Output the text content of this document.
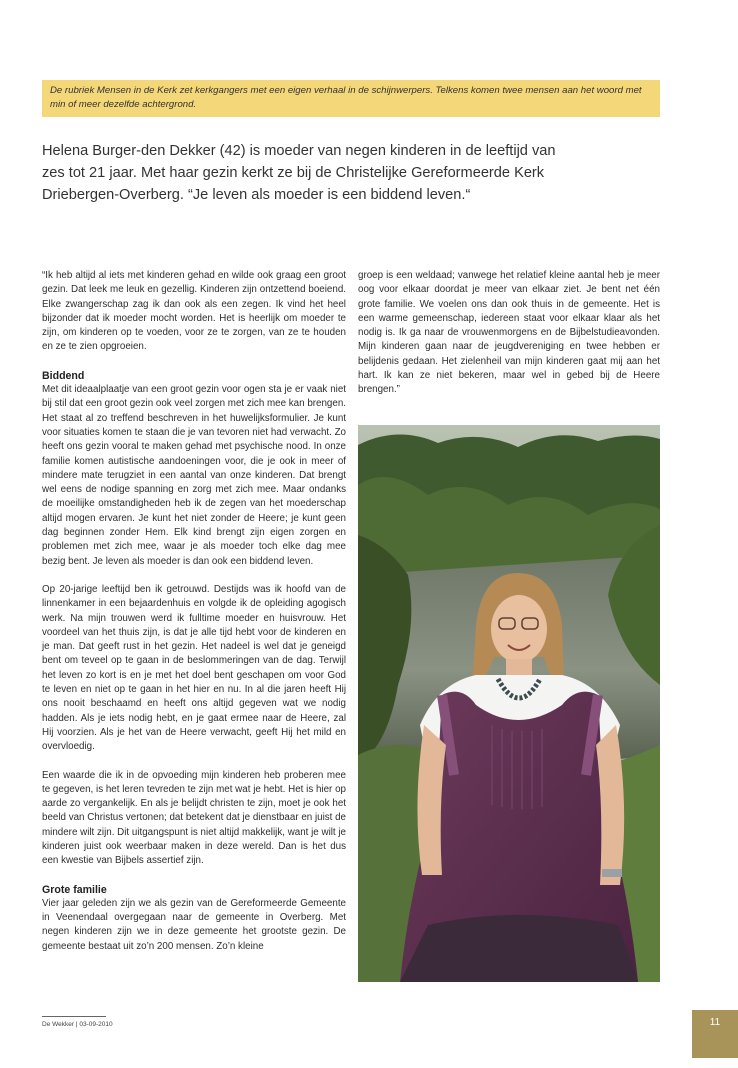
De rubriek Mensen in de Kerk zet kerkgangers met een eigen verhaal in de schijnwerpers. Telkens komen twee mensen aan het woord met min of meer dezelfde achtergrond.
Helena Burger-den Dekker (42) is moeder van negen kinderen in de leeftijd van zes tot 21 jaar. Met haar gezin kerkt ze bij de Christelijke Gereformeerde Kerk Driebergen-Overberg. “Je leven als moeder is een biddend leven.“

“Ik heb altijd al iets met kinderen gehad en wilde ook graag een groot gezin. Dat leek me leuk en gezellig. Kinderen zijn ontzettend boeiend. Elke zwangerschap zag ik dan ook als een zegen. Ik vind het heel bijzonder dat ik moeder mocht worden. Het is heerlijk om moeder te zijn, om kinderen op te voeden, voor ze te zorgen, van ze te houden en ze te zien opgroeien.

Biddend

Met dit ideaalplaatje van een groot gezin voor ogen sta je er vaak niet bij stil dat een groot gezin ook veel zorgen met zich mee kan brengen. Het staat al zo treffend beschreven in het huwelijksformulier. Je kunt voor situaties komen te staan die je van tevoren niet had verwacht. Zo heeft ons gezin vooral te maken gehad met psychische nood. In onze familie komen autistische aandoeningen voor, die je ook in meer of mindere mate terugziet in een aantal van onze kinderen. Dat brengt wel eens de nodige spanning en zorg met zich mee. Maar ondanks de moeilijke omstandigheden heb ik de zegen van het moederschap altijd mogen ervaren. Je kunt het niet zonder de Heere; je kunt geen dag beginnen zonder Hem. Elk kind brengt zijn eigen zorgen en problemen met zich mee, waar je als moeder toch elke dag mee bezig bent. Je leven als moeder is dan ook een biddend leven.

Op 20-jarige leeftijd ben ik getrouwd. Destijds was ik hoofd van de linnenkamer in een bejaardenhuis en volgde ik de opleiding agogisch werk. Na mijn trouwen werd ik fulltime moeder en huisvrouw. Het voordeel van het thuis zijn, is dat je alle tijd hebt voor de kinderen en je man. Dat geeft rust in het gezin. Het nadeel is wel dat je geneigd bent om teveel op te gaan in de beslommeringen van de dag. Terwijl het leven zo kort is en je met het doel bent geschapen om voor God te leven en niet op te gaan in het hier en nu. In al die jaren heeft Hij ons nooit beschaamd en heeft ons altijd gegeven wat we nodig hadden. Als je iets nodig hebt, en je gaat ermee naar de Heere, zal Hij voorzien. Als je het van de Heere verwacht, geeft Hij het mild en overvloedig.

Een waarde die ik in de opvoeding mijn kinderen heb proberen mee te gegeven, is het leren tevreden te zijn met wat je hebt. Het is hier op aarde zo vergankelijk. En als je belijdt christen te zijn, moet je ook het beeld van Christus vertonen; dat betekent dat je dienstbaar en juist de mindere wilt zijn. Dit uitgangspunt is niet altijd makkelijk, want je wilt je kinderen juist ook weerbaar maken in deze wereld. Dan is het dus een kwestie van Bijbels assertief zijn.

Grote familie

Vier jaar geleden zijn we als gezin van de Gereformeerde Gemeente in Veenendaal overgegaan naar de gemeente in Overberg. Met negen kinderen zijn we in deze gemeente het grootste gezin. De gemeente bestaat uit zo’n 200 mensen. Zo’n kleine

groep is een weldaad; vanwege het relatief kleine aantal heb je meer oog voor elkaar doordat je meer van elkaar ziet. Je bent net één grote familie. We voelen ons dan ook thuis in de gemeente. Het is een warme gemeenschap, iedereen staat voor elkaar klaar als het nodig is. Ik ga naar de vrouwenmorgens en de Bijbelstudieavonden. Mijn kinderen gaan naar de jeugdvereniging en twee hebben er belijdenis gedaan. Het zielenheil van mijn kinderen gaat mij aan het hart. Ik kan ze niet bekeren, maar wel in gebed bij de Heere brengen.”

De Wekker | 03-09-2010	11
